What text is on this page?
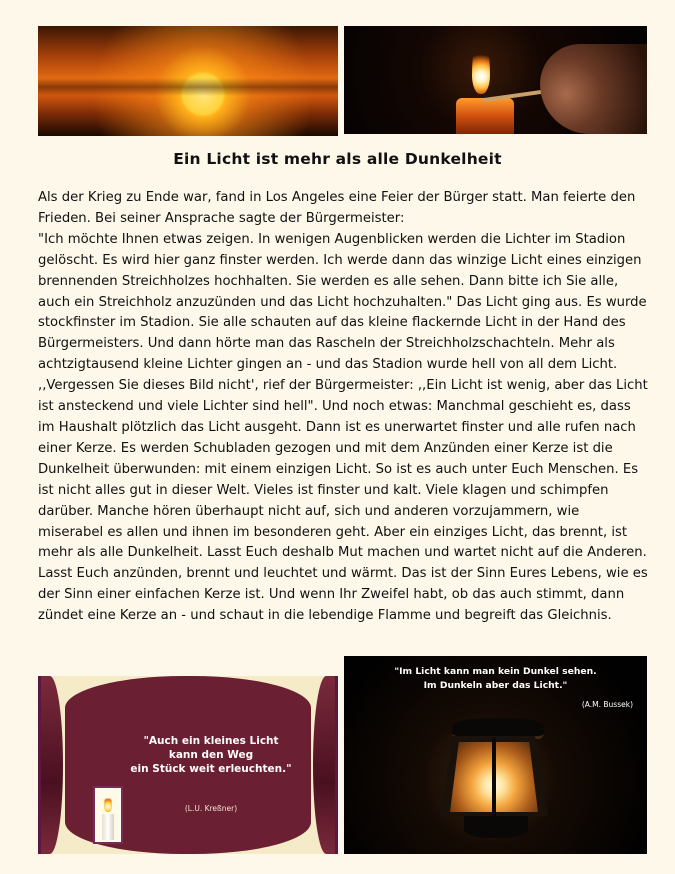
Ein Licht ist mehr als alle Dunkelheit
Als der Krieg zu Ende war, fand in Los Angeles eine Feier der Bürger statt. Man feierte den Frieden. Bei seiner Ansprache sagte der Bürgermeister:
"Ich möchte Ihnen etwas zeigen. In wenigen Augenblicken werden die Lichter im Stadion gelöscht. Es wird hier ganz finster werden. Ich werde dann das winzige Licht eines einzigen brennenden Streichholzes hochhalten. Sie werden es alle sehen. Dann bitte ich Sie alle, auch ein Streichholz anzuzünden und das Licht hochzuhalten." Das Licht ging aus. Es wurde stockfinster im Stadion. Sie alle schauten auf das kleine flackernde Licht in der Hand des Bürgermeisters. Und dann hörte man das Rascheln der Streichholzschachteln. Mehr als achtzigtausend kleine Lichter gingen an - und das Stadion wurde hell von all dem Licht. ,,Vergessen Sie dieses Bild nicht', rief der Bürgermeister: ,,Ein Licht ist wenig, aber das Licht ist ansteckend und viele Lichter sind hell". Und noch etwas: Manchmal geschieht es, dass im Haushalt plötzlich das Licht ausgeht. Dann ist es unerwartet finster und alle rufen nach einer Kerze. Es werden Schubladen gezogen und mit dem Anzünden einer Kerze ist die Dunkelheit überwunden: mit einem einzigen Licht. So ist es auch unter Euch Menschen. Es ist nicht alles gut in dieser Welt. Vieles ist finster und kalt. Viele klagen und schimpfen darüber. Manche hören überhaupt nicht auf, sich und anderen vorzujammern, wie miserabel es allen und ihnen im besonderen geht. Aber ein einziges Licht, das brennt, ist mehr als alle Dunkelheit. Lasst Euch deshalb Mut machen und wartet nicht auf die Anderen. Lasst Euch anzünden, brennt und leuchtet und wärmt. Das ist der Sinn Eures Lebens, wie es der Sinn einer einfachen Kerze ist. Und wenn Ihr Zweifel habt, ob das auch stimmt, dann zündet eine Kerze an - und schaut in die lebendige Flamme und begreift das Gleichnis.
"Auch ein kleines Licht
kann den Weg
ein Stück weit erleuchten."
(L.U. Kreßner)
"Im Licht kann man kein Dunkel sehen.
Im Dunkeln aber das Licht."
(A.M. Bussek)
